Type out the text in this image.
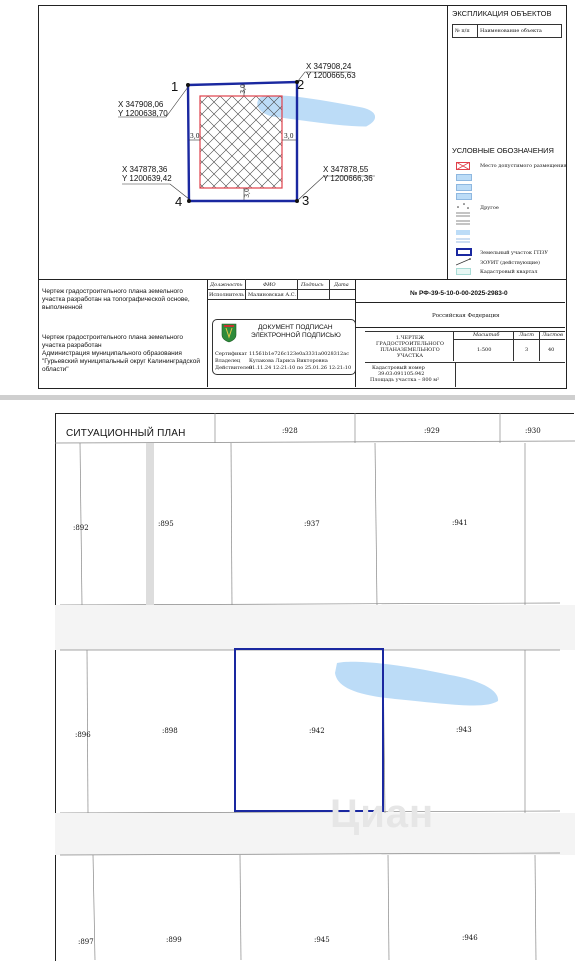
ЭКСПЛИКАЦИЯ ОБЪЕКТОВ
№ п/п Наименование объекта
УСЛОВНЫЕ ОБОЗНАЧЕНИЯ
Место допустимого размещения
Другое
Земельный участок ГПЗУ
ЗОУИТ (действующие)
Кадастровый квартал
3,0
3,0	3,0
3,0
1	2
3
4
X 347908,06
Y 1200638,70
X 347908,24
Y 1200665,63
X 347878,55
Y 1200666,36
X 347878,36
Y 1200639,42
Чертеж градостроительного плана земельного участка разработан на топографической основе, выполненной
Чертеж градостроительного плана земельного участка разработан
Администрация муниципального образования "Гурьевский муниципальный округ Калининградской области"
Должность	ФИО	Подпись Дата
Исполнитель Малиновская А.С.
ДОКУМЕНТ ПОДПИСАН
ЭЛЕКТРОННОЙ ПОДПИСЬЮ
Сертификат 11561b1e726c123e0a3331a0028312ac
Владелец Кулакова Лариса Викторовна
Действителен
01.11.24 12:21:10 по 25.01.26 12:21:10
№ РФ-39-5-10-0-00-2025-2983-0
Российская Федерация
1.ЧЕРТЕЖ ГРАДОСТРОИТЕЛЬНОГО ПЛАНАЗЕМЕЛЬНОГО УЧАСТКА
Масштаб	Лист Листов
1:500	3	40
Кадастровый номер
39:03:091105:942
Площадь участка – 800 м²
СИТУАЦИОННЫЙ ПЛАН
Циан
:928	:929	:930
:892	:895	:937	:941
:896	:898	:942	:943
:897	:899	:945	:946
